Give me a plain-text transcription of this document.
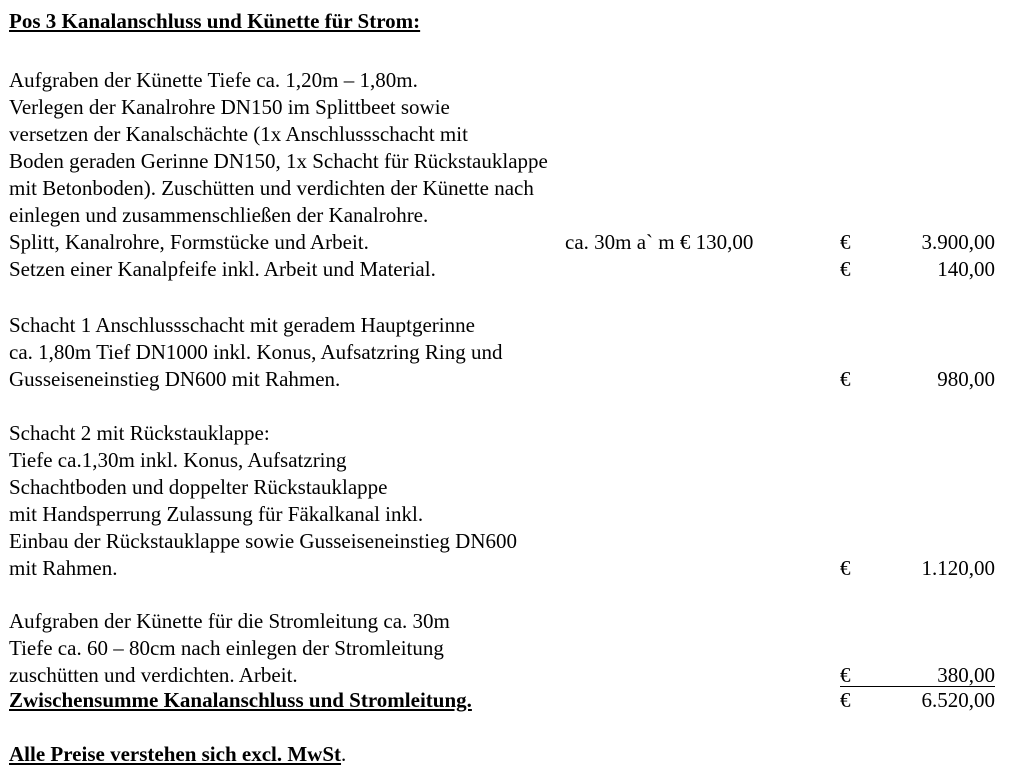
Pos 3 Kanalanschluss und Künette für Strom:
Aufgraben der Künette Tiefe ca. 1,20m – 1,80m.
Verlegen der Kanalrohre DN150 im Splittbeet sowie
versetzen der Kanalschächte (1x Anschlussschacht mit
Boden geraden Gerinne DN150, 1x Schacht für Rückstauklappe
mit Betonboden). Zuschütten und verdichten der Künette nach
einlegen und zusammenschließen der Kanalrohre.
Splitt, Kanalrohre, Formstücke und Arbeit.	ca. 30m a` m € 130,00	€	3.900,00
Setzen einer Kanalpfeife inkl. Arbeit und Material.	€	140,00
Schacht 1 Anschlussschacht mit geradem Hauptgerinne
ca. 1,80m Tief DN1000 inkl. Konus, Aufsatzring Ring und
Gusseiseneinstieg DN600 mit Rahmen.	€	980,00
Schacht 2 mit Rückstauklappe:
Tiefe ca.1,30m inkl. Konus, Aufsatzring
Schachtboden und doppelter Rückstauklappe
mit Handsperrung Zulassung für Fäkalkanal inkl.
Einbau der Rückstauklappe sowie Gusseiseneinstieg DN600
mit Rahmen.	€	1.120,00
Aufgraben der Künette für die Stromleitung ca. 30m
Tiefe ca. 60 – 80cm nach einlegen der Stromleitung
zuschütten und verdichten. Arbeit.	€	380,00
Zwischensumme Kanalanschluss und Stromleitung.	€	6.520,00
Alle Preise verstehen sich excl. MwSt.
